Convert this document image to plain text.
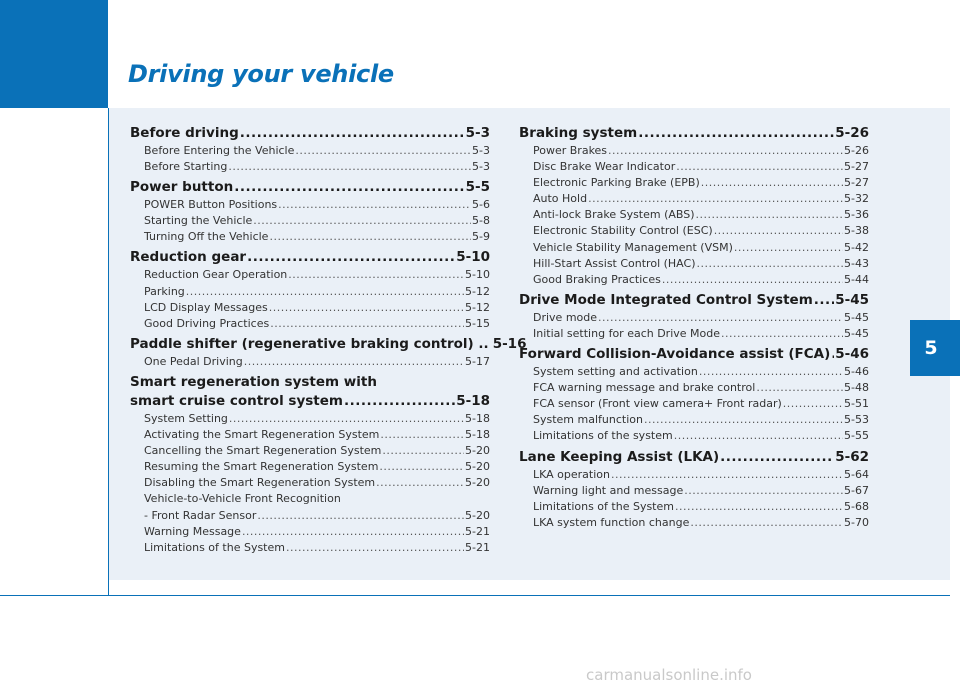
Driving your vehicle
5
Before driving .....	5-3
Before Entering the Vehicle .....	5-3
Before Starting .....	5-3
Power button .....	5-5
POWER Button Positions .....	5-6
Starting the Vehicle .....	5-8
Turning Off the Vehicle .....	5-9
Reduction gear .....	5-10
Reduction Gear Operation .....	5-10
Parking .....	5-12
LCD Display Messages .....	5-12
Good Driving Practices .....	5-15
Paddle shifter (regenerative braking control) .. 5-16
One Pedal Driving .....	5-17
Smart regeneration system with
smart cruise control system .....	5-18
System Setting .....	5-18
Activating the Smart Regeneration System .....	5-18
Cancelling the Smart Regeneration System .....	5-20
Resuming the Smart Regeneration System .....	5-20
Disabling the Smart Regeneration System .....	5-20
Vehicle-to-Vehicle Front Recognition
- Front Radar Sensor .....	5-20
Warning Message .....	5-21
Limitations of the System .....	5-21
Braking system .....	5-26
Power Brakes .....	5-26
Disc Brake Wear Indicator .....	5-27
Electronic Parking Brake (EPB) .....	5-27
Auto Hold .....	5-32
Anti-lock Brake System (ABS) .....	5-36
Electronic Stability Control (ESC) .....	5-38
Vehicle Stability Management (VSM) .....	5-42
Hill-Start Assist Control (HAC) .....	5-43
Good Braking Practices .....	5-44
Drive Mode Integrated Control System ..... 5-45
Drive mode .....	5-45
Initial setting for each Drive Mode .....	5-45
Forward Collision-Avoidance assist (FCA) ..... 5-46
System setting and activation .....	5-46
FCA warning message and brake control .....	5-48
FCA sensor (Front view camera+ Front radar) .....	5-51
System malfunction .....	5-53
Limitations of the system .....	5-55
Lane Keeping Assist (LKA) .....	5-62
LKA operation .....	5-64
Warning light and message .....	5-67
Limitations of the System .....	5-68
LKA system function change .....	5-70
carmanualsonline.info
